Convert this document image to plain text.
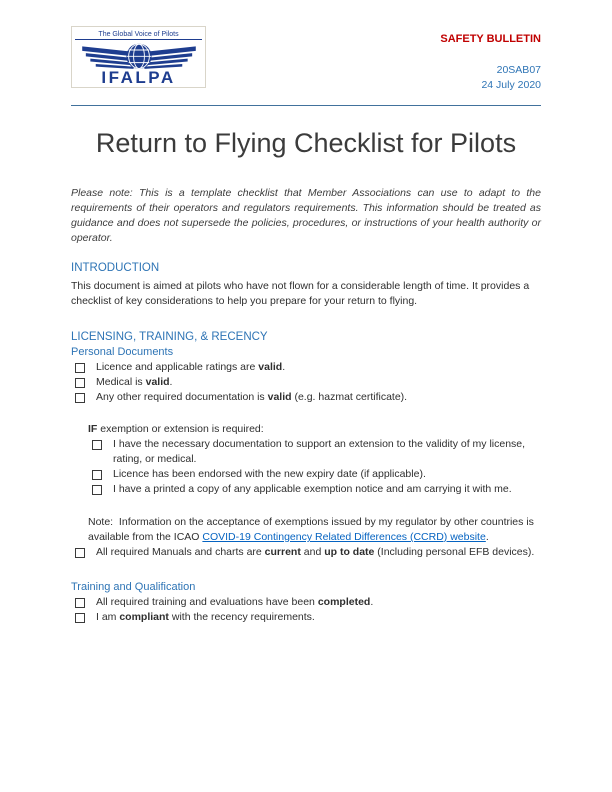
The Global Voice of Pilots
IFALPA
SAFETY BULLETIN
20SAB07
24 July 2020
Return to Flying Checklist for Pilots

Please note: This is a template checklist that Member Associations can use to adapt to the requirements of their operators and regulators requirements. This information should be treated as guidance and does not supersede the policies, procedures, or instructions of your health authority or operator.

INTRODUCTION

This document is aimed at pilots who have not flown for a considerable length of time. It provides a checklist of key considerations to help you prepare for your return to flying.

LICENSING, TRAINING, & RECENCY
Personal Documents
Licence and applicable ratings are valid.
Medical is valid.
Any other required documentation is valid (e.g. hazmat certificate).

IF exemption or extension is required:

I have the necessary documentation to support an extension to the validity of my license, rating, or medical.
Licence has been endorsed with the new expiry date (if applicable).
I have a printed a copy of any applicable exemption notice and am carrying it with me.

Note:  Information on the acceptance of exemptions issued by my regulator by other countries is available from the ICAO COVID-19 Contingency Related Differences (CCRD) website.

All required Manuals and charts are current and up to date (Including personal EFB devices).
Training and Qualification
All required training and evaluations have been completed.
I am compliant with the recency requirements.
